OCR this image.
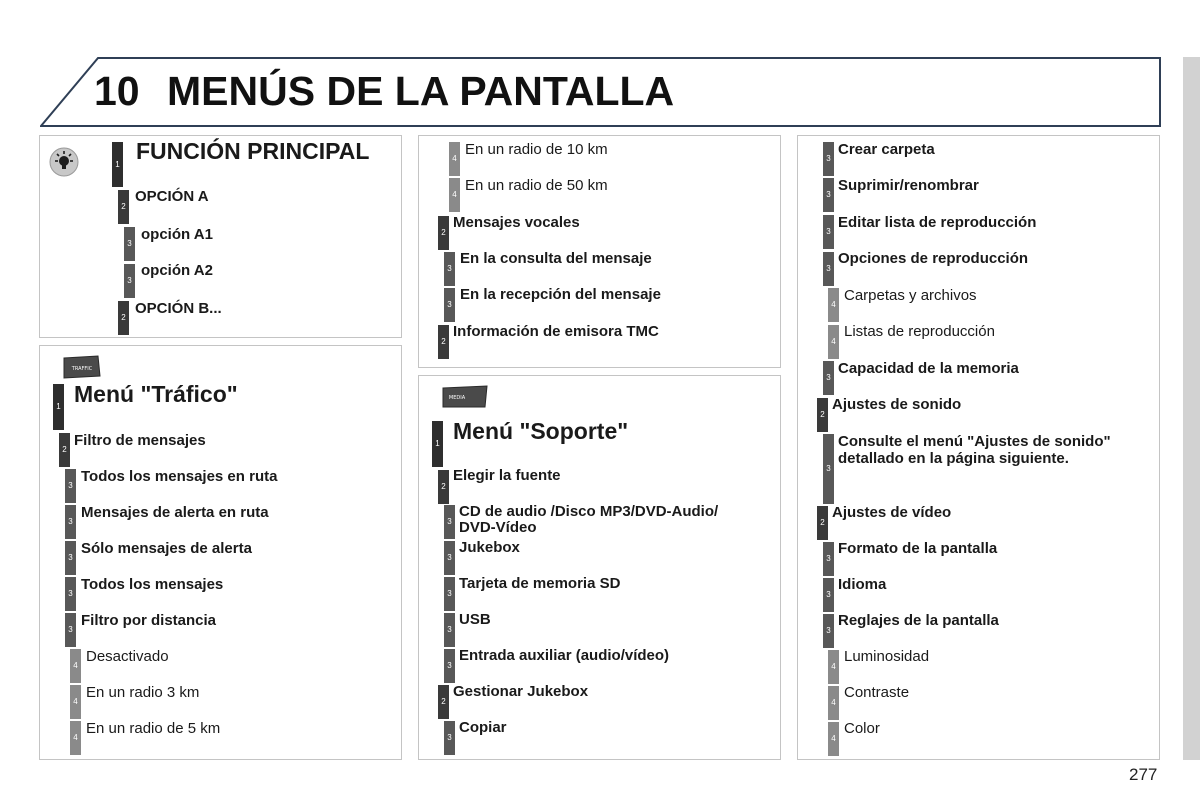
10 MENÚS DE LA PANTALLA
1 FUNCIÓN PRINCIPAL
2
OPCIÓN A
3
opción A1
3
opción A2
2
OPCIÓN B...
TRAFFIC
1 Menú "Tráfico"
2
Filtro de mensajes
3
Todos los mensajes en ruta
3
Mensajes de alerta en ruta
3
Sólo mensajes de alerta
3
Todos los mensajes
3
Filtro por distancia
4
Desactivado
4
En un radio 3 km
4
En un radio de 5 km
4
En un radio de 10 km
4
En un radio de 50 km
2
Mensajes vocales
3
En la consulta del mensaje
3
En la recepción del mensaje
2
Información de emisora TMC
MEDIA
1 Menú "Soporte"
2
Elegir la fuente
3
CD de audio /Disco MP3/DVD-Audio/
DVD-Vídeo
3
Jukebox
3
Tarjeta de memoria SD
3
USB
3
Entrada auxiliar (audio/vídeo)
2
Gestionar Jukebox
3
Copiar
3
Crear carpeta
3
Suprimir/renombrar
3
Editar lista de reproducción
3
Opciones de reproducción
4
Carpetas y archivos
4
Listas de reproducción
3
Capacidad de la memoria
2
Ajustes de sonido
3
Consulte el menú "Ajustes de sonido"
detallado en la página siguiente.
2
Ajustes de vídeo
3
Formato de la pantalla
3
Idioma
3
Reglajes de la pantalla
4
Luminosidad
4
Contraste
4
Color
277
